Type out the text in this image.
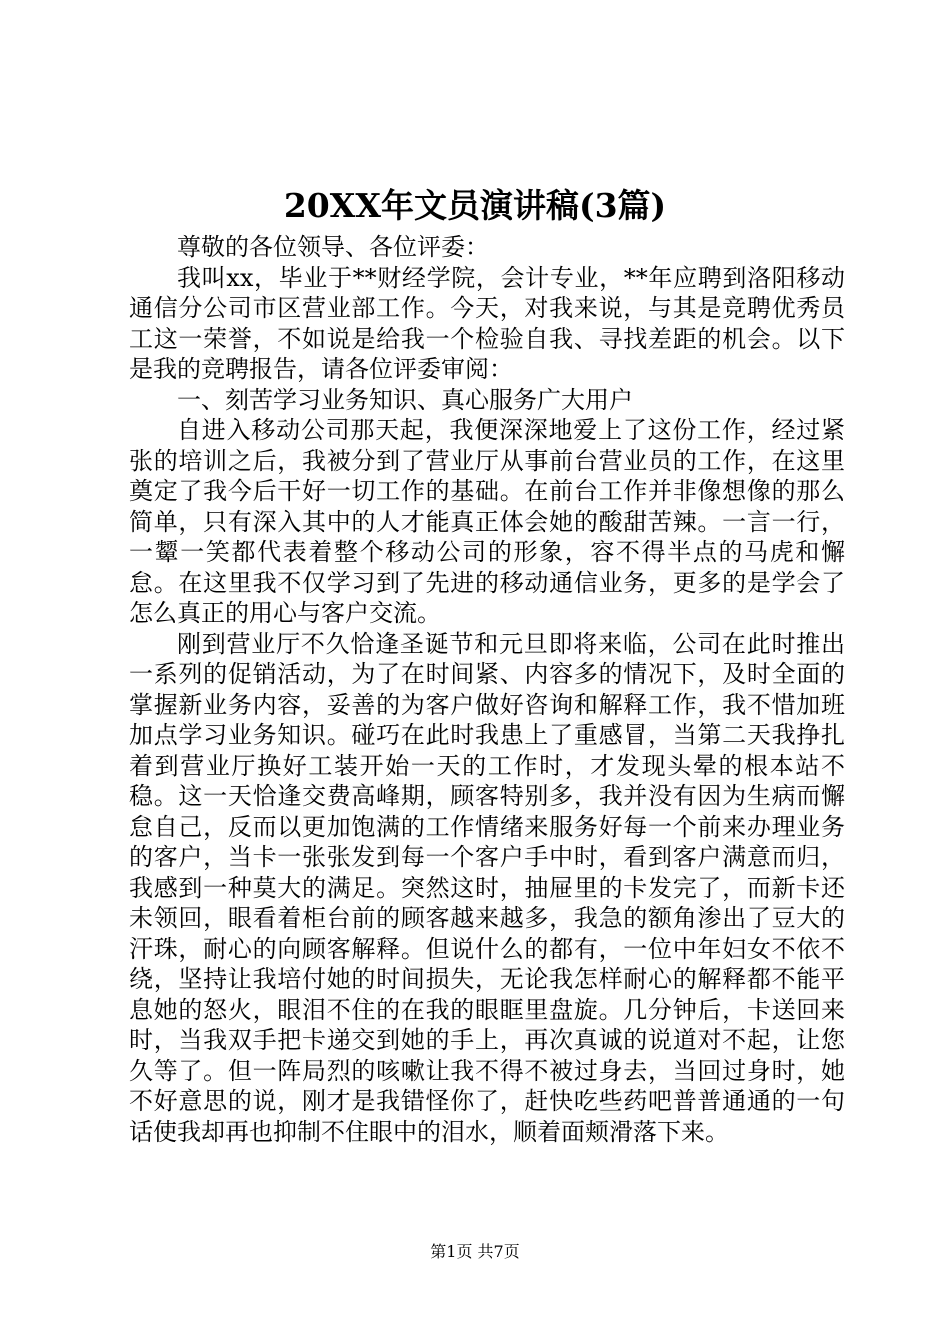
20XX年文员演讲稿(3篇)

尊敬的各位领导、各位评委：

我叫xx，毕业于**财经学院，会计专业，**年应聘到洛阳移动通信分公司市区营业部工作。今天，对我来说，与其是竞聘优秀员工这一荣誉，不如说是给我一个检验自我、寻找差距的机会。以下是我的竞聘报告，请各位评委审阅：

一、刻苦学习业务知识、真心服务广大用户

自进入移动公司那天起，我便深深地爱上了这份工作，经过紧张的培训之后，我被分到了营业厅从事前台营业员的工作，在这里奠定了我今后干好一切工作的基础。在前台工作并非像想像的那么简单，只有深入其中的人才能真正体会她的酸甜苦辣。一言一行，一颦一笑都代表着整个移动公司的形象，容不得半点的马虎和懈怠。在这里我不仅学习到了先进的移动通信业务，更多的是学会了怎么真正的用心与客户交流。

刚到营业厅不久恰逢圣诞节和元旦即将来临，公司在此时推出一系列的促销活动，为了在时间紧、内容多的情况下，及时全面的掌握新业务内容，妥善的为客户做好咨询和解释工作，我不惜加班加点学习业务知识。碰巧在此时我患上了重感冒，当第二天我挣扎着到营业厅换好工装开始一天的工作时，才发现头晕的根本站不稳。这一天恰逢交费高峰期，顾客特别多，我并没有因为生病而懈怠自己，反而以更加饱满的工作情绪来服务好每一个前来办理业务的客户，当卡一张张发到每一个客户手中时，看到客户满意而归，我感到一种莫大的满足。突然这时，抽屉里的卡发完了，而新卡还未领回，眼看着柜台前的顾客越来越多，我急的额角渗出了豆大的汗珠，耐心的向顾客解释。但说什么的都有，一位中年妇女不依不绕，坚持让我培付她的时间损失，无论我怎样耐心的解释都不能平息她的怒火，眼泪不住的在我的眼眶里盘旋。几分钟后，卡送回来时，当我双手把卡递交到她的手上，再次真诚的说道对不起，让您久等了。但一阵局烈的咳嗽让我不得不被过身去，当回过身时，她不好意思的说，刚才是我错怪你了，赶快吃些药吧普普通通的一句话使我却再也抑制不住眼中的泪水，顺着面颊滑落下来。

第1页 共7页
